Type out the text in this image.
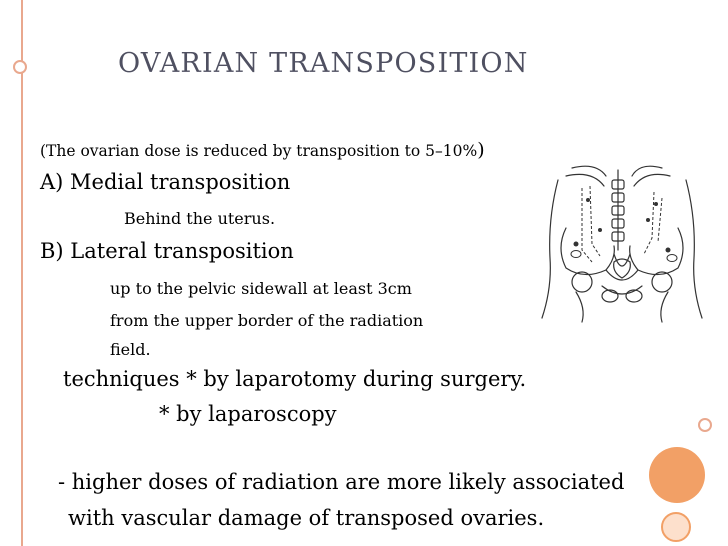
OVARIAN TRANSPOSITION
(The ovarian dose is reduced by transposition to 5–10%)
A) Medial transposition
Behind the uterus.
B) Lateral transposition
up to the pelvic sidewall at least 3cm
from the upper border of the radiation
field.
techniques * by laparotomy during surgery.
* by laparoscopy
- higher doses of radiation are more likely associated
with vascular damage of transposed ovaries.
